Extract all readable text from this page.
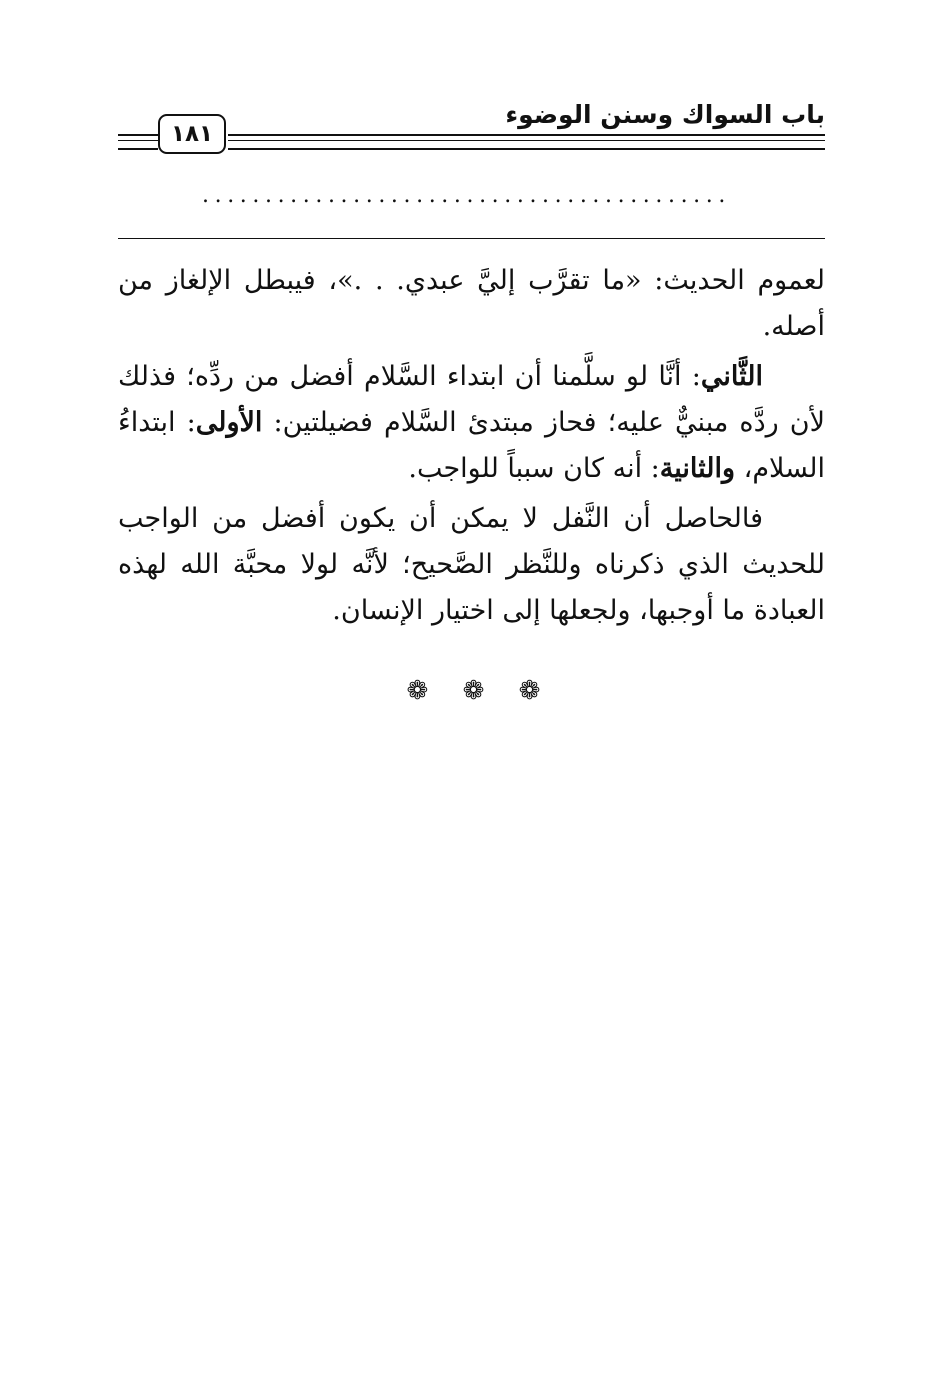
باب السواك وسنن الوضوء
١٨١
..........................................

لعموم الحديث: «ما تقرَّب إليَّ عبدي. . .»، فيبطل الإلغاز من أصله.

الثَّاني: أنَّا لو سلَّمنا أن ابتداء السَّلام أفضل من ردِّه؛ فذلك لأن ردَّه مبنيٌّ عليه؛ فحاز مبتدئ السَّلام فضيلتين: الأولى: ابتداءُ السلام، والثانية: أنه كان سبباً للواجب.

فالحاصل أن النَّفل لا يمكن أن يكون أفضل من الواجب للحديث الذي ذكرناه وللنَّظر الصَّحيح؛ لأنَّه لولا محبَّة الله لهذه العبادة ما أوجبها، ولجعلها إلى اختيار الإنسان.

❁ ❁ ❁
